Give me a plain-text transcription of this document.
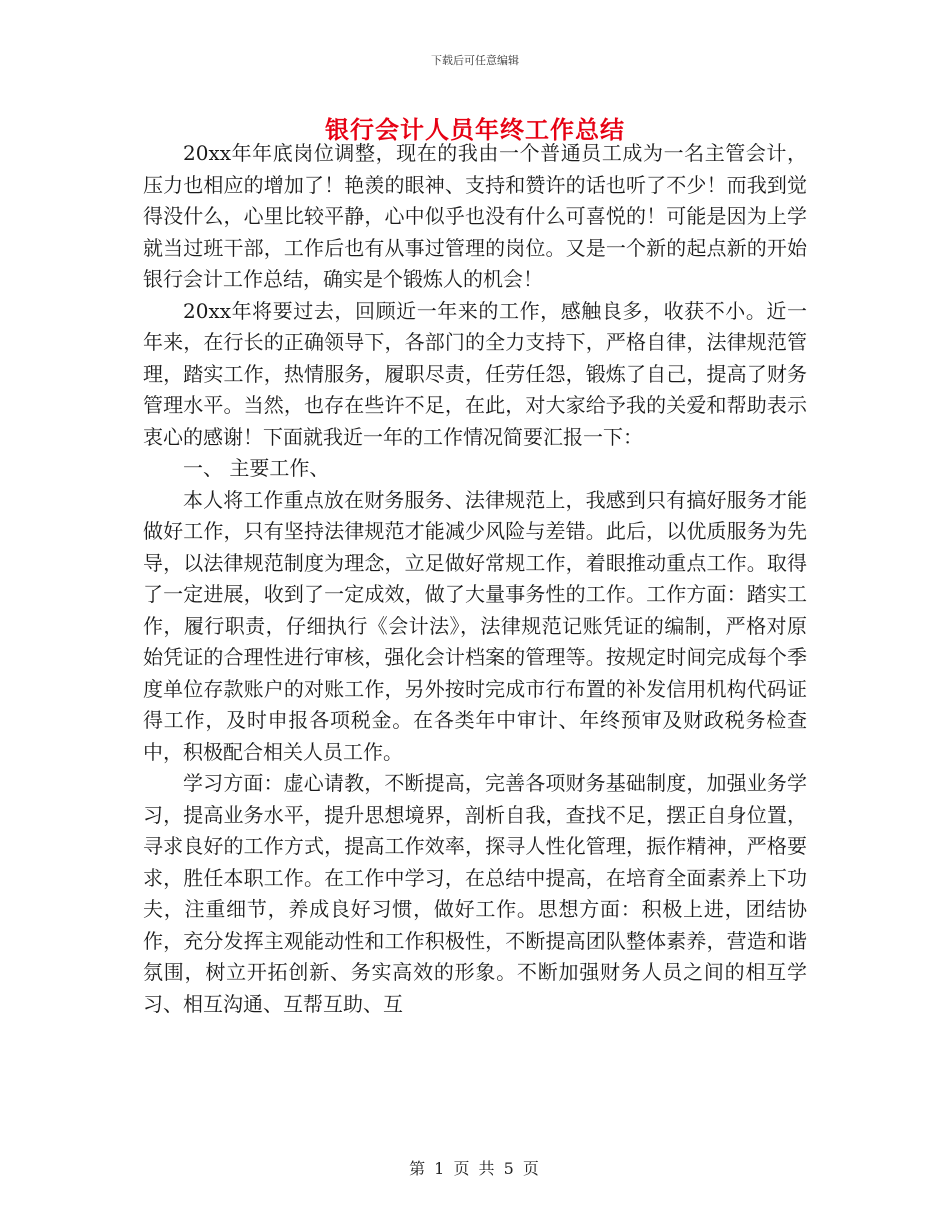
下载后可任意编辑
银行会计人员年终工作总结

20xx年年底岗位调整，现在的我由一个普通员工成为一名主管会计，压力也相应的增加了！艳羡的眼神、支持和赞许的话也听了不少！而我到觉得没什么，心里比较平静，心中似乎也没有什么可喜悦的！可能是因为上学就当过班干部，工作后也有从事过管理的岗位。又是一个新的起点新的开始银行会计工作总结，确实是个锻炼人的机会！

20xx年将要过去，回顾近一年来的工作，感触良多，收获不小。近一年来，在行长的正确领导下，各部门的全力支持下，严格自律，法律规范管理，踏实工作，热情服务，履职尽责，任劳任怨，锻炼了自己，提高了财务管理水平。当然，也存在些许不足，在此，对大家给予我的关爱和帮助表示衷心的感谢！下面就我近一年的工作情况简要汇报一下：

一、 主要工作、

本人将工作重点放在财务服务、法律规范上，我感到只有搞好服务才能做好工作，只有坚持法律规范才能减少风险与差错。此后，以优质服务为先导，以法律规范制度为理念，立足做好常规工作，着眼推动重点工作。取得了一定进展，收到了一定成效，做了大量事务性的工作。工作方面：踏实工作，履行职责，仔细执行《会计法》，法律规范记账凭证的编制，严格对原始凭证的合理性进行审核，强化会计档案的管理等。按规定时间完成每个季度单位存款账户的对账工作，另外按时完成市行布置的补发信用机构代码证得工作，及时申报各项税金。在各类年中审计、年终预审及财政税务检查中，积极配合相关人员工作。

学习方面：虚心请教，不断提高，完善各项财务基础制度，加强业务学习，提高业务水平，提升思想境界，剖析自我，查找不足，摆正自身位置，寻求良好的工作方式，提高工作效率，探寻人性化管理，振作精神，严格要求，胜任本职工作。在工作中学习，在总结中提高，在培育全面素养上下功夫，注重细节，养成良好习惯，做好工作。思想方面：积极上进，团结协作，充分发挥主观能动性和工作积极性，不断提高团队整体素养，营造和谐氛围，树立开拓创新、务实高效的形象。不断加强财务人员之间的相互学习、相互沟通、互帮互助、互

第 1 页 共 5 页
